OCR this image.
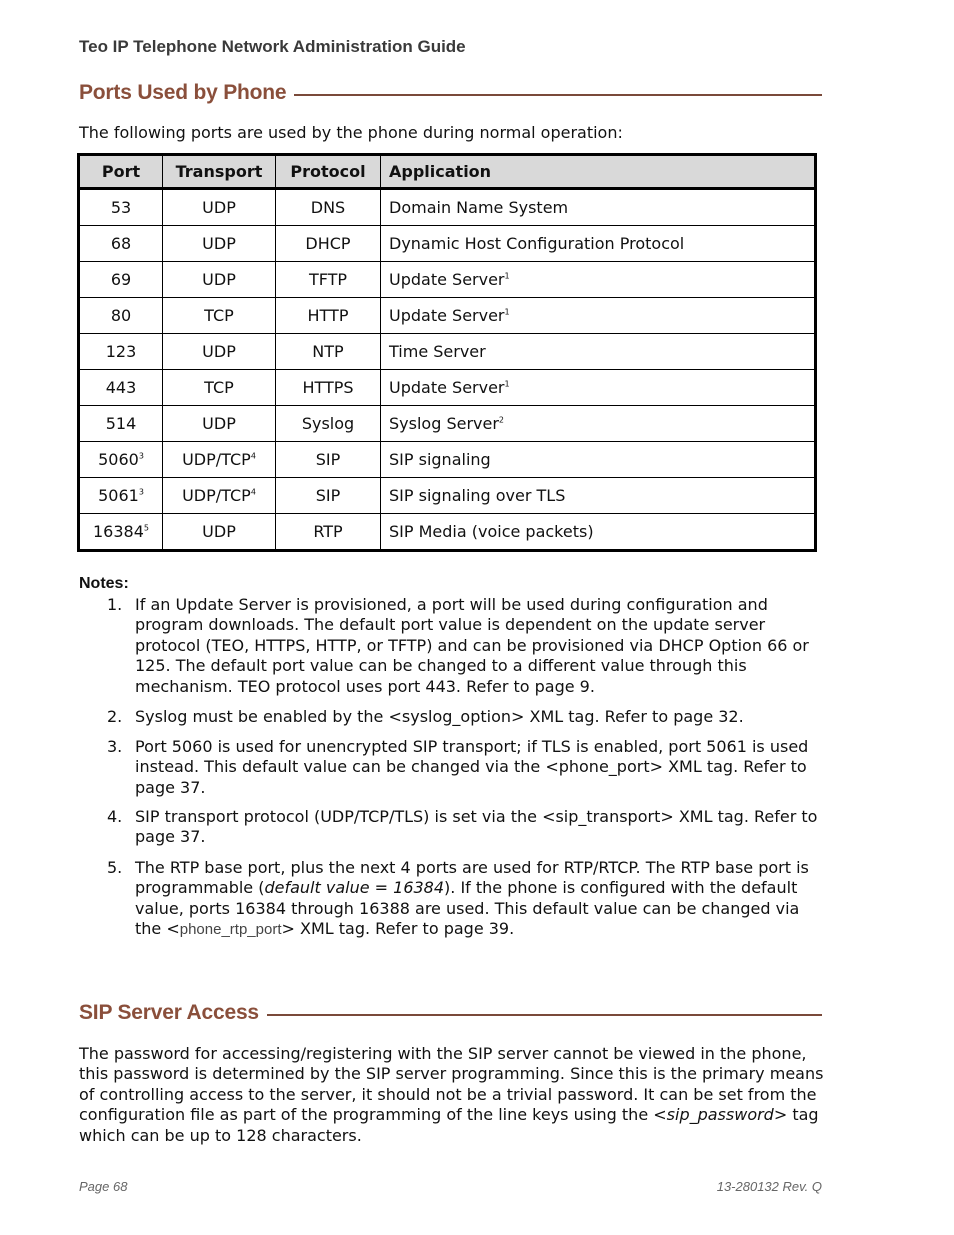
Teo IP Telephone Network Administration Guide
Ports Used by Phone
The following ports are used by the phone during normal operation:
Port	Transport	Protocol	Application
53	UDP	DNS	Domain Name System
68	UDP	DHCP	Dynamic Host Configuration Protocol
69	UDP	TFTP	Update Server$^1$
80	TCP	HTTP	Update Server$^1$
123	UDP	NTP	Time Server
443	TCP	HTTPS	Update Server$^1$
514	UDP	Syslog	Syslog Server$^2$
5060$^3$	UDP/TCP$^4$	SIP	SIP signaling
5061$^3$	UDP/TCP$^4$	SIP	SIP signaling over TLS
16384$^5$	UDP	RTP	SIP Media (voice packets)
Notes:
1. If an Update Server is provisioned, a port will be used during configuration and program downloads. The default port value is dependent on the update server protocol (TEO, HTTPS, HTTP, or TFTP) and can be provisioned via DHCP Option 66 or 125. The default port value can be changed to a different value through this mechanism. TEO protocol uses port 443. Refer to page 9.
2. Syslog must be enabled by the <syslog_option> XML tag. Refer to page 32.
3. Port 5060 is used for unencrypted SIP transport; if TLS is enabled, port 5061 is used instead. This default value can be changed via the <phone_port> XML tag. Refer to page 37.
4. SIP transport protocol (UDP/TCP/TLS) is set via the <sip_transport> XML tag. Refer to page 37.
5. The RTP base port, plus the next 4 ports are used for RTP/RTCP. The RTP base port is programmable (default value = 16384). If the phone is configured with the default value, ports 16384 through 16388 are used. This default value can be changed via the <phone_rtp_port> XML tag. Refer to page 39.
SIP Server Access
The password for accessing/registering with the SIP server cannot be viewed in the phone, this password is determined by the SIP server programming. Since this is the primary means of controlling access to the server, it should not be a trivial password. It can be set from the configuration file as part of the programming of the line keys using the <sip_password> tag which can be up to 128 characters.
Page 68	13-280132 Rev. Q
